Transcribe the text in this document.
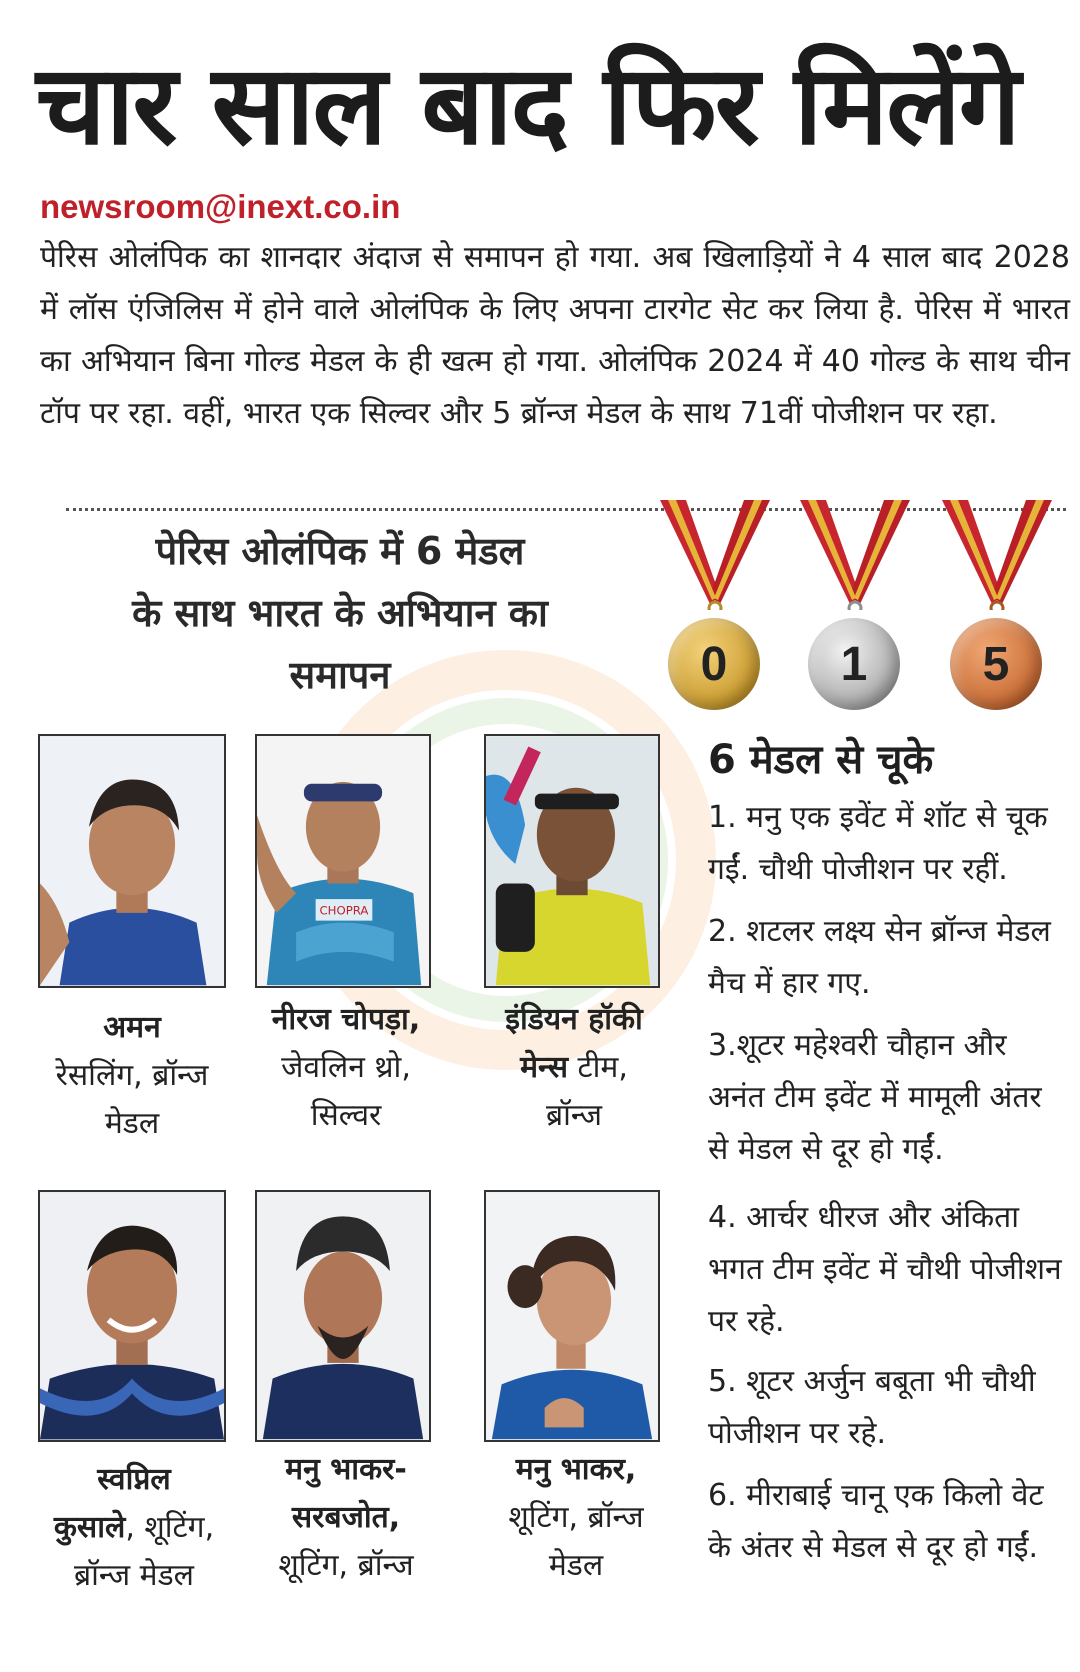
चार साल बाद फिर मिलेंगे
newsroom@inext.co.in
पेरिस ओलंपिक का शानदार अंदाज से समापन हो गया. अब खिलाड़ियों ने 4 साल बाद 2028 में लॉस एंजिलिस में होने वाले ओलंपिक के लिए अपना टारगेट सेट कर लिया है. पेरिस में भारत का अभियान बिना गोल्ड मेडल के ही खत्म हो गया. ओलंपिक 2024 में 40 गोल्ड के साथ चीन टॉप पर रहा. वहीं, भारत एक सिल्वर और 5 ब्रॉन्ज मेडल के साथ 71वीं पोजीशन पर रहा.
पेरिस ओलंपिक में 6 मेडल
के साथ भारत के अभियान का
समापन	0	1	5
CHOPRA
अमन
रेसलिंग, ब्रॉन्ज
मेडल
नीरज चोपड़ा,
जेवलिन थ्रो,
सिल्वर
इंडियन हॉकी
मेन्स टीम,
ब्रॉन्ज
स्वप्निल
कुसाले, शूटिंग,
ब्रॉन्ज मेडल
मनु भाकर-
सरबजोत,
शूटिंग, ब्रॉन्ज
मनु भाकर,
शूटिंग, ब्रॉन्ज
मेडल
6 मेडल से चूके
1. मनु एक इवेंट में शॉट से चूक गईं. चौथी पोजीशन पर रहीं.
2. शटलर लक्ष्य सेन ब्रॉन्ज मेडल मैच में हार गए.
3.शूटर महेश्वरी चौहान और अनंत टीम इवेंट में मामूली अंतर से मेडल से दूर हो गईं.
4. आर्चर धीरज और अंकिता भगत टीम इवेंट में चौथी पोजीशन पर रहे.
5. शूटर अर्जुन बबूता भी चौथी पोजीशन पर रहे.
6. मीराबाई चानू एक किलो वेट के अंतर से मेडल से दूर हो गईं.
